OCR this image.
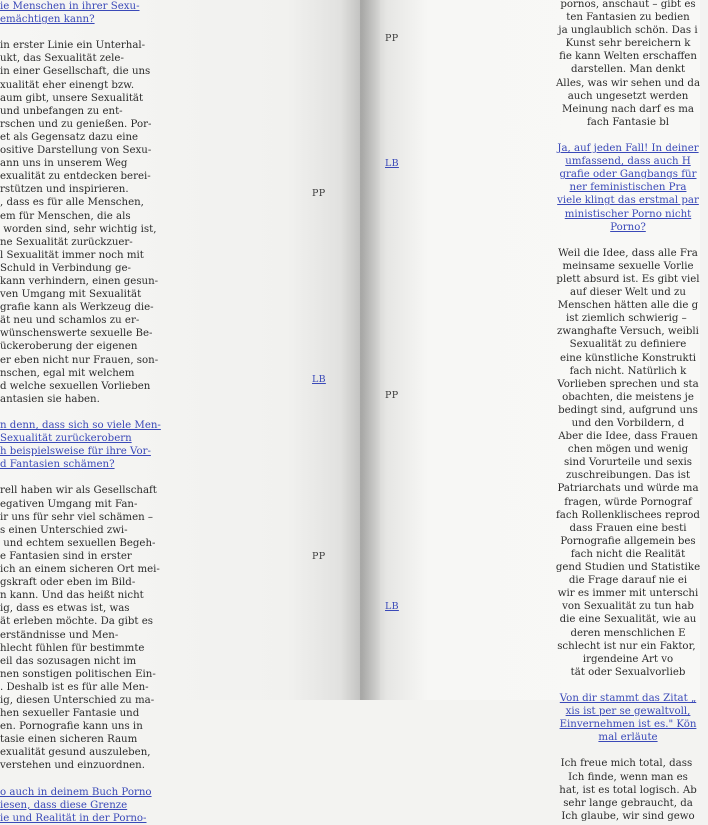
ie Menschen in ihrer Sexu-

emächtigen kann?

in erster Linie ein Unterhal-

ukt, das Sexualität zele-

in einer Gesellschaft, die uns

xualität eher einengt bzw.

aum gibt, unsere Sexualität

und unbefangen zu ent-

rschen und zu genießen. Por-

et als Gegensatz dazu eine

ositive Darstellung von Sexu-

ann uns in unserem Weg

exualität zu entdecken berei-

rstützen und inspirieren.

, dass es für alle Menschen,

em für Menschen, die als

worden sind, sehr wichtig ist,

ne Sexualität zurückzuer-

l Sexualität immer noch mit

Schuld in Verbindung ge-

kann verhindern, einen gesun-

ven Umgang mit Sexualität

grafie kann als Werkzeug die-

ät neu und schamlos zu er-

wünschenswerte sexuelle Be-

ückeroberung der eigenen

er eben nicht nur Frauen, son-

nschen, egal mit welchem

d welche sexuellen Vorlieben

antasien sie haben.

n denn, dass sich so viele Men-

Sexualität zurückerobern

h beispielsweise für ihre Vor-

d Fantasien schämen?

rell haben wir als Gesellschaft

egativen Umgang mit Fan-

ir uns für sehr viel schämen –

s einen Unterschied zwi-

und echtem sexuellen Begeh-

e Fantasien sind in erster

ich an einem sicheren Ort mei-

gskraft oder eben im Bild-

n kann. Und das heißt nicht

ig, dass es etwas ist, was

ät erleben möchte. Da gibt es

erständnisse und Men-

hlecht fühlen für bestimmte

eil das sozusagen nicht im

nen sonstigen politischen Ein-

. Deshalb ist es für alle Men-

ig, diesen Unterschied zu ma-

hen sexueller Fantasie und

en. Pornografie kann uns in

tasie einen sicheren Raum

exualität gesund auszuleben,

verstehen und einzuordnen.

o auch in deinem Buch Porno

iesen, dass diese Grenze

ie und Realität in der Porno-

PP
LB
PP
PP
LB
PP
LB

pornos, anschaut – gibt es

ten Fantasien zu bedien

ja unglaublich schön. Das i

Kunst sehr bereichern k

fie kann Welten erschaffen

darstellen. Man denkt

Alles, was wir sehen und da

auch ungesetzt werden

Meinung nach darf es ma

fach Fantasie bl

Ja, auf jeden Fall! In deiner

umfassend, dass auch H

grafie oder Gangbangs für

ner feministischen Pra

viele klingt das erstmal par

ministischer Porno nicht

Porno?

Weil die Idee, dass alle Fra

meinsame sexuelle Vorlie

plett absurd ist. Es gibt viel

auf dieser Welt und zu

Menschen hätten alle die g

ist ziemlich schwierig –

zwanghafte Versuch, weibli

Sexualität zu definiere

eine künstliche Konstrukti

fach nicht. Natürlich k

Vorlieben sprechen und sta

obachten, die meistens je

bedingt sind, aufgrund uns

und den Vorbildern, d

Aber die Idee, dass Frauen

chen mögen und wenig

sind Vorurteile und sexis

zuschreibungen. Das ist

Patriarchats und würde ma

fragen, würde Pornograf

fach Rollenklischees reprod

dass Frauen eine besti

Pornografie allgemein bes

fach nicht die Realität

gend Studien und Statistike

die Frage darauf nie ei

wir es immer mit unterschi

von Sexualität zu tun hab

die eine Sexualität, wie au

deren menschlichen E

schlecht ist nur ein Faktor,

irgendeine Art vo

tät oder Sexualvorlieb

Von dir stammt das Zitat „

xis ist per se gewaltvoll,

Einvernehmen ist es." Kön

mal erläute

Ich freue mich total, dass

Ich finde, wenn man es

hat, ist es total logisch. Ab

sehr lange gebraucht, da

Ich glaube, wir sind gewo
